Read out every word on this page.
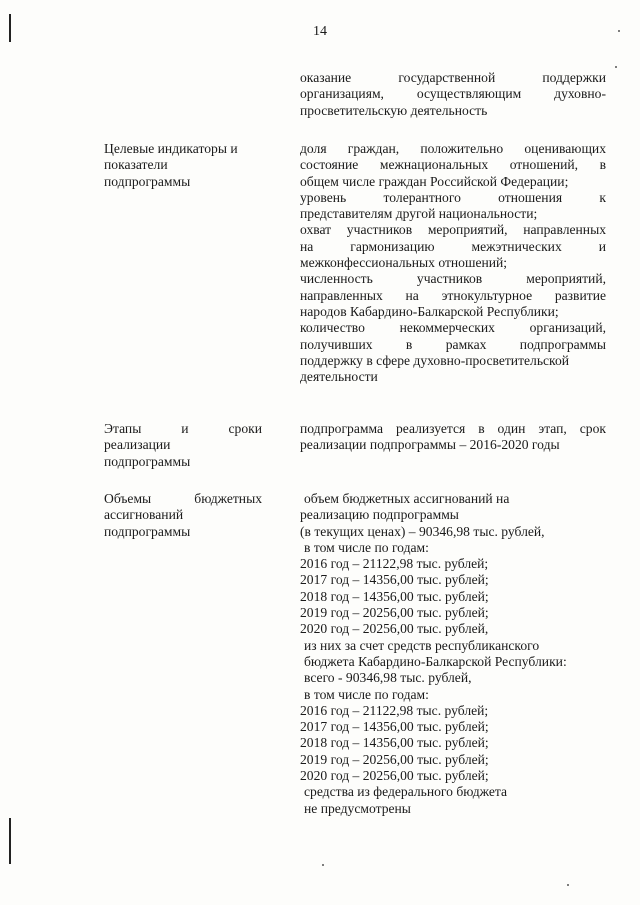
14
оказание государственной поддержки
организациям, осуществляющим духовно-
просветительскую деятельность
Целевые индикаторы и
показатели
подпрограммы
доля граждан, положительно оценивающих
состояние межнациональных отношений, в
общем числе граждан Российской Федерации;
уровень толерантного отношения к
представителям другой национальности;
охват участников мероприятий, направленных
на гармонизацию межэтнических и
межконфессиональных отношений;
численность участников мероприятий,
направленных на этнокультурное развитие
народов Кабардино-Балкарской Республики;
количество некоммерческих организаций,
получивших в рамках подпрограммы
поддержку в сфере духовно-просветительской
деятельности
Этапы и сроки
реализации
подпрограммы
подпрограмма реализуется в один этап, срок
реализации подпрограммы – 2016-2020 годы
Объемы бюджетных
ассигнований
подпрограммы
объем бюджетных ассигнований на
реализацию подпрограммы
(в текущих ценах) – 90346,98 тыс. рублей,
в том числе по годам:
2016 год – 21122,98 тыс. рублей;
2017 год – 14356,00 тыс. рублей;
2018 год – 14356,00 тыс. рублей;
2019 год – 20256,00 тыс. рублей;
2020 год – 20256,00 тыс. рублей,
из них за счет средств республиканского
бюджета Кабардино-Балкарской Республики:
всего - 90346,98 тыс. рублей,
в том числе по годам:
2016 год – 21122,98 тыс. рублей;
2017 год – 14356,00 тыс. рублей;
2018 год – 14356,00 тыс. рублей;
2019 год – 20256,00 тыс. рублей;
2020 год – 20256,00 тыс. рублей;
средства из федерального бюджета
не предусмотрены
